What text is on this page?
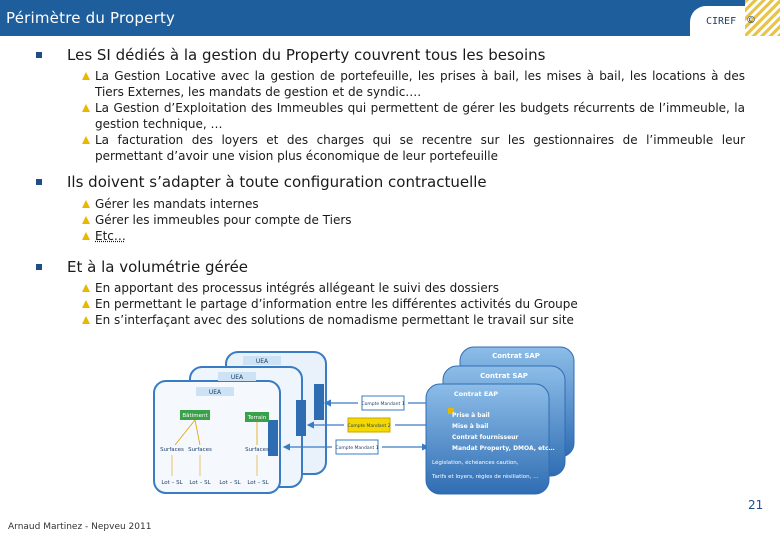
Périmètre du Property	CIREF ©
Les SI dédiés à la gestion du Property couvrent tous les besoins
La Gestion Locative avec la gestion de portefeuille, les prises à bail, les mises à bail, les locations à des Tiers Externes, les mandats de gestion et de syndic….
La Gestion d’Exploitation des Immeubles qui permettent de gérer les budgets récurrents de l’immeuble, la gestion technique, …
La facturation des loyers et des charges qui se recentre sur les gestionnaires de l’immeuble leur permettant d’avoir une vision plus économique de leur portefeuille
Ils doivent s’adapter à toute configuration contractuelle
Gérer les mandats internes
Gérer les immeubles pour compte de Tiers
Etc…
Et à la volumétrie gérée
En apportant des processus intégrés allégeant le suivi des dossiers
En permettant le partage d’information entre les différentes activités du Groupe
En s’interfaçant avec des solutions de nomadisme permettant le travail sur site
UEA
UEA
UEA
Bâtiment	Terrain
Surfaces Surfaces	Surfaces
Lot – SL Lot – SL Lot – SL Lot – SL
Compte Mandant 1
Compte Mandant 2
Compte Mandant 1
Contrat SAP
Contrat SAP
Contrat EAP
Prise à bail
Mise à bail
Contrat fournisseur
Mandat Property, DMOA, etc…
Législation, échéances caution,
Tarifs et loyers, règles de résiliation, …
21
Arnaud Martinez - Nepveu 2011
